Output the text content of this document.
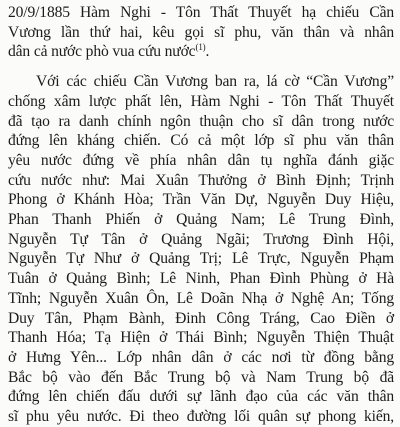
20/9/1885 Hàm Nghi - Tôn Thất Thuyết hạ chiếu Cần
Vương lần thứ hai, kêu gọi sĩ phu, văn thân và nhân
dân cả nước phò vua cứu nước$^{(1)}$.

Với các chiếu Cần Vương ban ra, lá cờ “Cần Vương”
chống xâm lược phất lên, Hàm Nghi - Tôn Thất Thuyết
đã tạo ra danh chính ngôn thuận cho sĩ dân trong nước
đứng lên kháng chiến. Có cả một lớp sĩ phu văn thân
yêu nước đứng về phía nhân dân tụ nghĩa đánh giặc
cứu nước như: Mai Xuân Thưởng ở Bình Định; Trịnh
Phong ở Khánh Hòa; Trần Văn Dự, Nguyễn Duy Hiệu,
Phan Thanh Phiến ở Quảng Nam; Lê Trung Đình,
Nguyễn Tự Tân ở Quảng Ngãi; Trương Đình Hội,
Nguyễn Tự Như ở Quảng Trị; Lê Trực, Nguyễn Phạm
Tuân ở Quảng Bình; Lê Ninh, Phan Đình Phùng ở Hà
Tĩnh; Nguyễn Xuân Ôn, Lê Doãn Nhạ ở Nghệ An; Tống
Duy Tân, Phạm Bành, Đinh Công Tráng, Cao Điền ở
Thanh Hóa; Tạ Hiện ở Thái Bình; Nguyễn Thiện Thuật
ở Hưng Yên... Lớp nhân dân ở các nơi từ đồng bằng
Bắc bộ vào đến Bắc Trung bộ và Nam Trung bộ đã
đứng lên chiến đấu dưới sự lãnh đạo của các văn thân
sĩ phu yêu nước. Đi theo đường lối quân sự phong kiến,
